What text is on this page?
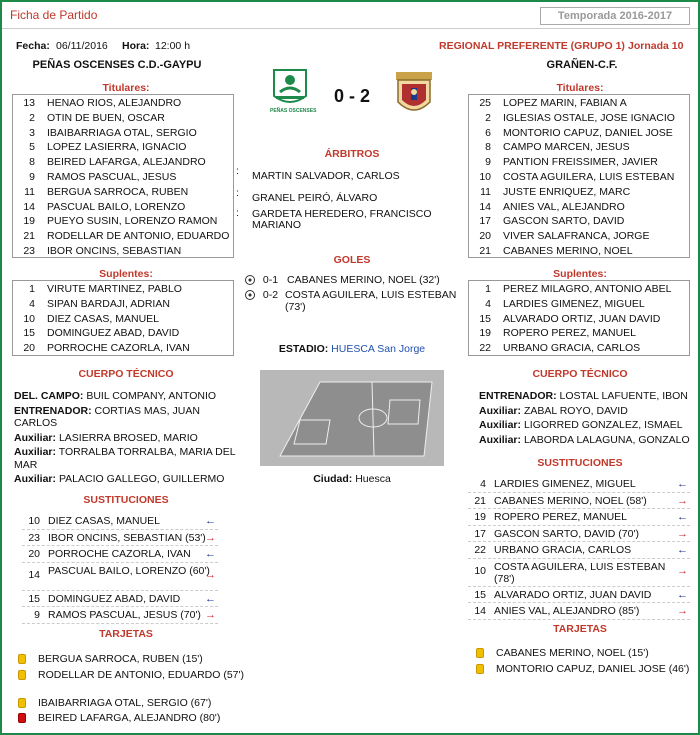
Ficha de Partido	Temporada 2016-2017
Fecha: 06/11/2016 Hora: 12:00 h	REGIONAL PREFERENTE (GRUPO 1) Jornada 10
PEÑAS OSCENSES C.D.-GAYPU	GRAÑEN-C.F.
PEÑAS OSCENSES
0 - 2
Titulares:
13 HENAO RIOS, ALEJANDRO
2 OTIN DE BUEN, OSCAR
3 IBAIBARRIAGA OTAL, SERGIO
5 LOPEZ LASIERRA, IGNACIO
8 BEIRED LAFARGA, ALEJANDRO
9 RAMOS PASCUAL, JESUS
11 BERGUA SARROCA, RUBEN
14 PASCUAL BAILO, LORENZO
19 PUEYO SUSIN, LORENZO RAMON
21 RODELLAR DE ANTONIO, EDUARDO
23 IBOR ONCINS, SEBASTIAN
Suplentes:
1 VIRUTE MARTINEZ, PABLO
4 SIPAN BARDAJI, ADRIAN
10 DIEZ CASAS, MANUEL
15 DOMINGUEZ ABAD, DAVID
20 PORROCHE CAZORLA, IVAN
Titulares:
25 LOPEZ MARIN, FABIAN A
2 IGLESIAS OSTALE, JOSE IGNACIO
6 MONTORIO CAPUZ, DANIEL JOSE
8 CAMPO MARCEN, JESUS
9 PANTION FREISSIMER, JAVIER
10 COSTA AGUILERA, LUIS ESTEBAN
11 JUSTE ENRIQUEZ, MARC
14 ANIES VAL, ALEJANDRO
17 GASCON SARTO, DAVID
20 VIVER SALAFRANCA, JORGE
21 CABANES MERINO, NOEL
Suplentes:
1 PEREZ MILAGRO, ANTONIO ABEL
4 LARDIES GIMENEZ, MIGUEL
15 ALVARADO ORTIZ, JUAN DAVID
19 ROPERO PEREZ, MANUEL
22 URBANO GRACIA, CARLOS
ÁRBITROS
: MARTIN SALVADOR, CARLOS
: GRANEL PEIRÓ, ÁLVARO
: GARDETA HEREDERO, FRANCISCO MARIANO
GOLES
0-1 CABANES MERINO, NOEL (32')
0-2 COSTA AGUILERA, LUIS ESTEBAN (73')
ESTADIO: HUESCA San Jorge
Ciudad: Huesca
CUERPO TÉCNICO
DEL. CAMPO: BUIL COMPANY, ANTONIO
ENTRENADOR: CORTIAS MAS, JUAN CARLOS
Auxiliar: LASIERRA BROSED, MARIO
Auxiliar: TORRALBA TORRALBA, MARIA DEL MAR
Auxiliar: PALACIO GALLEGO, GUILLERMO
CUERPO TÉCNICO
ENTRENADOR: LOSTAL LAFUENTE, IBON
Auxiliar: ZABAL ROYO, DAVID
Auxiliar: LIGORRED GONZALEZ, ISMAEL
Auxiliar: LABORDA LALAGUNA, GONZALO
SUSTITUCIONES
10 DIEZ CASAS, MANUEL	←
23 IBOR ONCINS, SEBASTIAN (53') →
20 PORROCHE CAZORLA, IVAN ←
14 PASCUAL BAILO, LORENZO (60')
→
15 DOMINGUEZ ABAD, DAVID ←
9 RAMOS PASCUAL, JESUS (70') →
SUSTITUCIONES
4 LARDIES GIMENEZ, MIGUEL	←
21 CABANES MERINO, NOEL (58')	→
19 ROPERO PEREZ, MANUEL	←
17 GASCON SARTO, DAVID (70')	→
22 URBANO GRACIA, CARLOS	←
10 COSTA AGUILERA, LUIS ESTEBAN (78')
→
15 ALVARADO ORTIZ, JUAN DAVID ←
14 ANIES VAL, ALEJANDRO (85')	→
TARJETAS
BERGUA SARROCA, RUBEN (15')
RODELLAR DE ANTONIO, EDUARDO (57')
IBAIBARRIAGA OTAL, SERGIO (67')
BEIRED LAFARGA, ALEJANDRO (80')
TARJETAS
CABANES MERINO, NOEL (15')
MONTORIO CAPUZ, DANIEL JOSE (46')
